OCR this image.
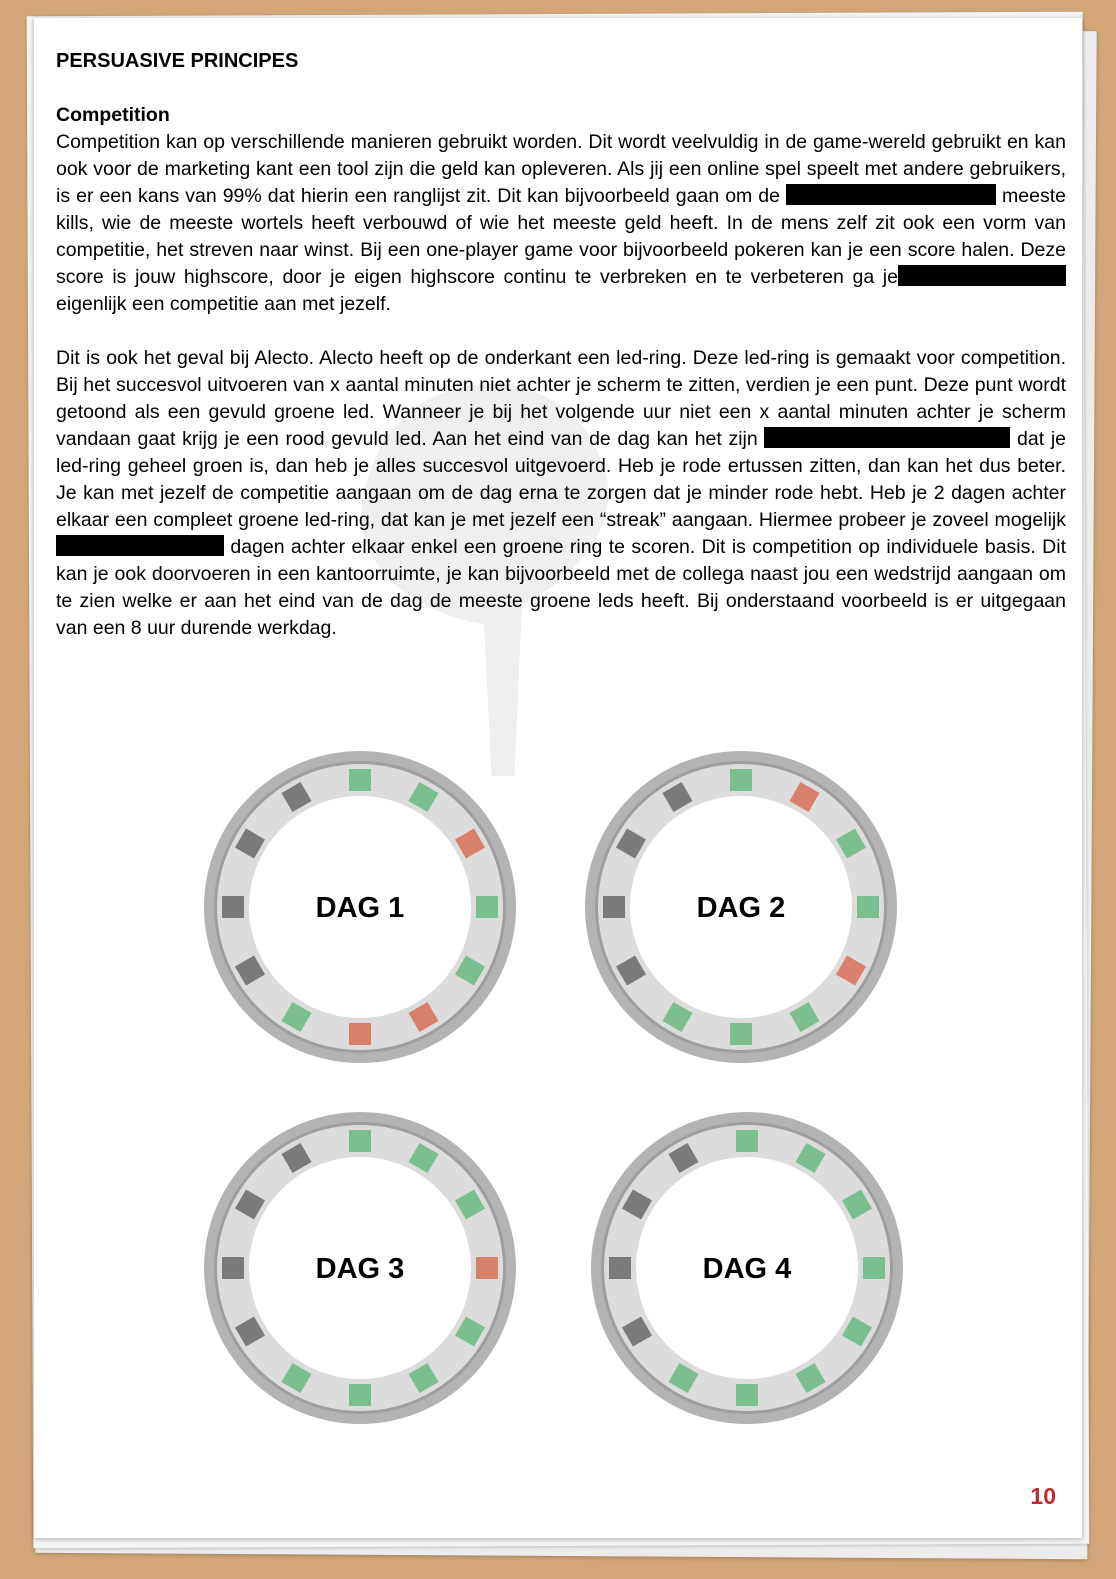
PERSUASIVE PRINCIPES

Competition

Competition kan op verschillende manieren gebruikt worden. Dit wordt veelvuldig in de game-wereld gebruikt en kan ook voor de marketing kant een tool zijn die geld kan opleveren. Als jij een online spel speelt met andere gebruikers, is er een kans van 99% dat hierin een ranglijst zit. Dit kan bijvoorbeeld gaan om de	meeste kills, wie de meeste wortels heeft verbouwd of wie het meeste geld heeft. In de mens zelf zit ook een vorm van competitie, het streven naar winst. Bij een one-player game voor bijvoorbeeld pokeren kan je een score halen. Deze score is jouw highscore, door je eigen highscore continu te verbreken en te verbeteren ga jeeigenlijk een competitie aan met jezelf.

Dit is ook het geval bij Alecto. Alecto heeft op de onderkant een led-ring. Deze led-ring is gemaakt voor competition. Bij het succesvol uitvoeren van x aantal minuten niet achter je scherm te zitten, verdien je een punt. Deze punt wordt getoond als een gevuld groene led. Wanneer je bij het volgende uur niet een x aantal minuten achter je scherm vandaan gaat krijg je een rood gevuld led. Aan het eind van de dag kan het zijn	dat je led-ring geheel groen is, dan heb je alles succesvol uitgevoerd. Heb je rode ertussen zitten, dan kan het dus beter. Je kan met jezelf de competitie aangaan om de dag erna te zorgen dat je minder rode hebt. Heb je 2 dagen achter elkaar een compleet groene led-ring, dat kan je met jezelf een “streak” aangaan. Hiermee probeer je zoveel mogelijk  dagen achter elkaar enkel een groene ring te scoren. Dit is competition op individuele basis. Dit kan je ook doorvoeren in een kantoorruimte, je kan bijvoorbeeld met de collega naast jou een wedstrijd aangaan om te zien welke er aan het eind van de dag de meeste groene leds heeft. Bij onderstaand voorbeeld is er uitgegaan van een 8 uur durende werkdag.

DAG 1	DAG 2
DAG 3	DAG 4
10
